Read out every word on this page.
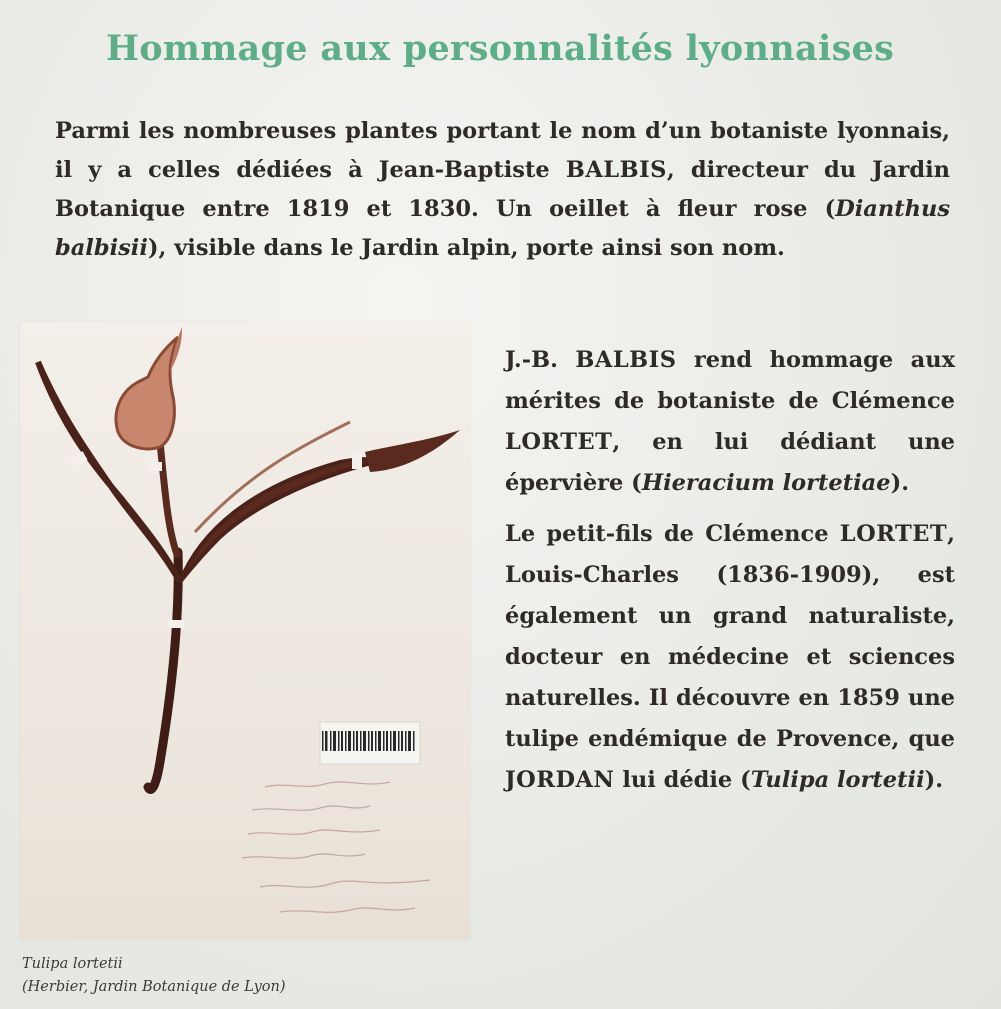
Hommage aux personnalités lyonnaises
Parmi les nombreuses plantes portant le nom d’un botaniste lyonnais, il y a celles dédiées à Jean-Baptiste BALBIS, directeur du Jardin Botanique entre 1819 et 1830. Un oeillet à fleur rose (Dianthus balbisii), visible dans le Jardin alpin, porte ainsi son nom.

J.-B. BALBIS rend hommage aux mérites de botaniste de Clémence LORTET, en lui dédiant une épervière (Hieracium lortetiae).

Le petit-fils de Clémence LORTET, Louis-Charles (1836-1909), est également un grand naturaliste, docteur en médecine et sciences naturelles. Il découvre en 1859 une tulipe endémique de Provence, que JORDAN lui dédie (Tulipa lortetii).

Tulipa lortetii
(Herbier, Jardin Botanique de Lyon)
